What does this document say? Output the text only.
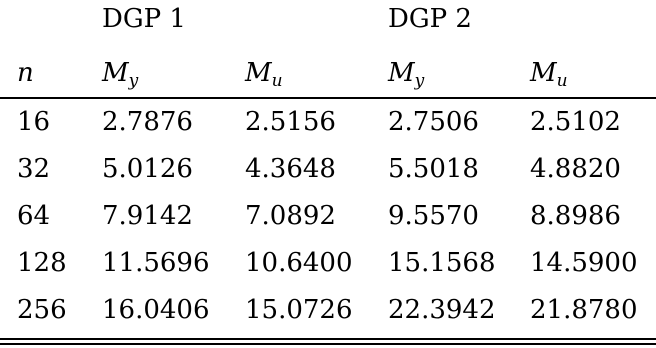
DGP 1	DGP 2
n	$M_y$	$M_u$	$M_y$	$M_u$
16 2.7876 2.5156 2.7506 2.5102
32 5.0126 4.3648 5.5018 4.8820
64 7.9142 7.0892 9.5570 8.8986
128 11.5696 10.6400 15.1568 14.5900
256 16.0406 15.0726 22.3942 21.8780
